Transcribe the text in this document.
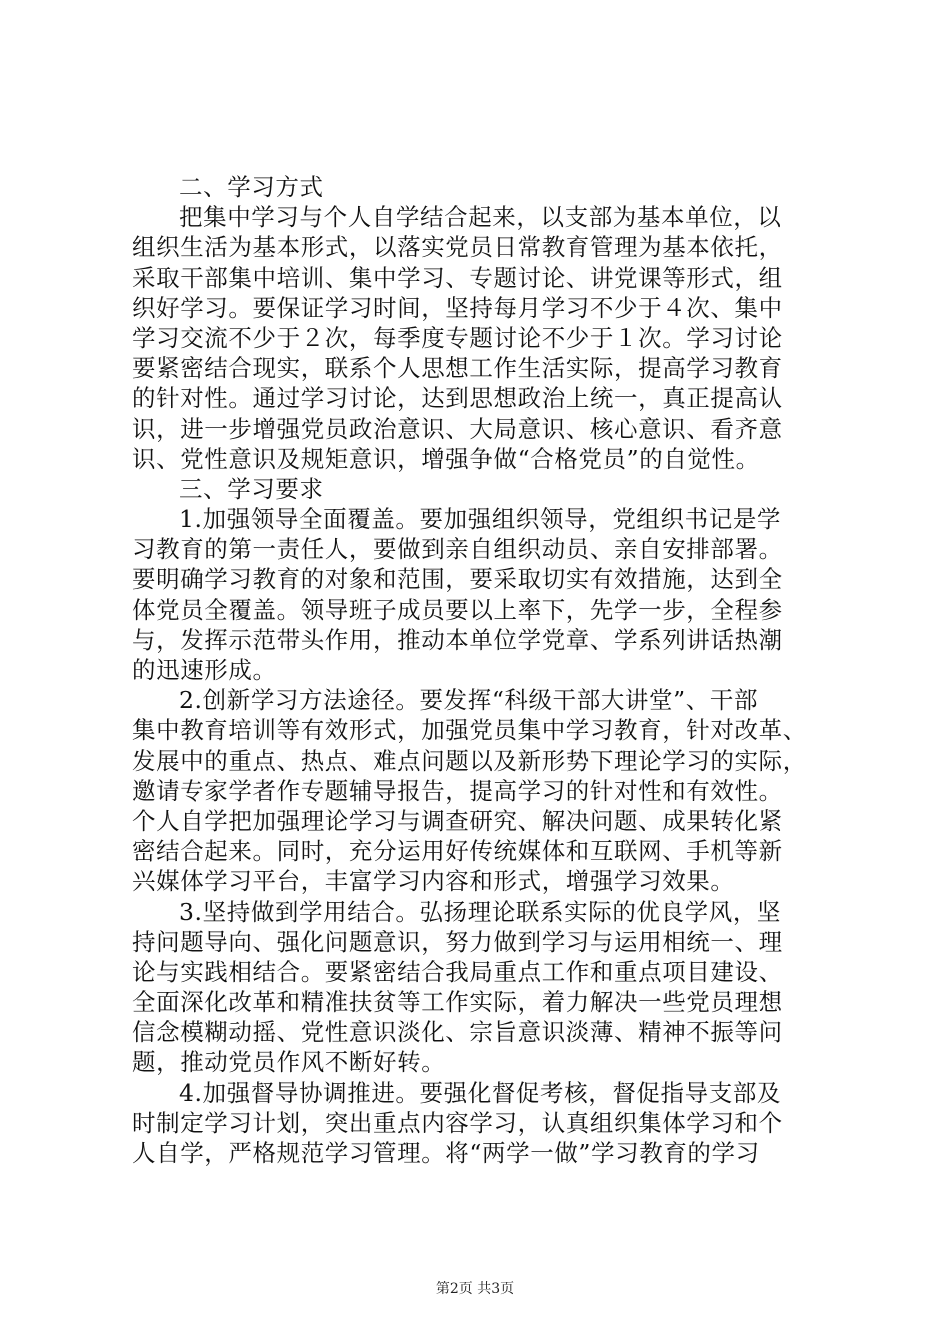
二、学习方式
把集中学习与个人自学结合起来，以支部为基本单位，以
组织生活为基本形式，以落实党员日常教育管理为基本依托，
采取干部集中培训、集中学习、专题讨论、讲党课等形式，组
织好学习。要保证学习时间，坚持每月学习不少于４次、集中
学习交流不少于２次，每季度专题讨论不少于１次。学习讨论
要紧密结合现实，联系个人思想工作生活实际，提高学习教育
的针对性。通过学习讨论，达到思想政治上统一，真正提高认
识，进一步增强党员政治意识、大局意识、核心意识、看齐意
识、党性意识及规矩意识，增强争做“合格党员”的自觉性。
三、学习要求
1.加强领导全面覆盖。要加强组织领导，党组织书记是学
习教育的第一责任人，要做到亲自组织动员、亲自安排部署。
要明确学习教育的对象和范围，要采取切实有效措施，达到全
体党员全覆盖。领导班子成员要以上率下，先学一步，全程参
与，发挥示范带头作用，推动本单位学党章、学系列讲话热潮
的迅速形成。
2.创新学习方法途径。要发挥“科级干部大讲堂”、干部
集中教育培训等有效形式，加强党员集中学习教育，针对改革、
发展中的重点、热点、难点问题以及新形势下理论学习的实际，
邀请专家学者作专题辅导报告，提高学习的针对性和有效性。
个人自学把加强理论学习与调查研究、解决问题、成果转化紧
密结合起来。同时，充分运用好传统媒体和互联网、手机等新
兴媒体学习平台，丰富学习内容和形式，增强学习效果。
3.坚持做到学用结合。弘扬理论联系实际的优良学风，坚
持问题导向、强化问题意识，努力做到学习与运用相统一、理
论与实践相结合。要紧密结合我局重点工作和重点项目建设、
全面深化改革和精准扶贫等工作实际，着力解决一些党员理想
信念模糊动摇、党性意识淡化、宗旨意识淡薄、精神不振等问
题，推动党员作风不断好转。
4.加强督导协调推进。要强化督促考核，督促指导支部及
时制定学习计划，突出重点内容学习，认真组织集体学习和个
人自学，严格规范学习管理。将“两学一做”学习教育的学习
第2页 共3页
